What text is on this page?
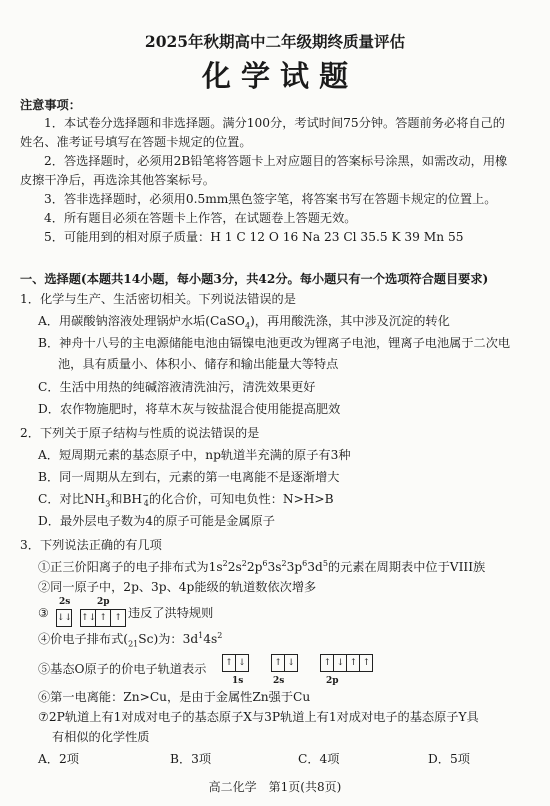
2025年秋期高中二年级期终质量评估
化 学 试 题
注意事项：
1．本试卷分选择题和非选择题。满分100分，考试时间75分钟。答题前务必将自己的
姓名、准考证号填写在答题卡规定的位置。
2．答选择题时，必须用2B铅笔将答题卡上对应题目的答案标号涂黑，如需改动，用橡
皮擦干净后，再选涂其他答案标号。
3．答非选择题时，必须用0.5mm黑色签字笔，将答案书写在答题卡规定的位置上。
4．所有题目必须在答题卡上作答，在试题卷上答题无效。
5．可能用到的相对原子质量：H 1 C 12 O 16 Na 23 Cl 35.5 K 39 Mn 55
一、选择题(本题共14小题，每小题3分，共42分。每小题只有一个选项符合题目要求)
1．化学与生产、生活密切相关。下列说法错误的是
A．用碳酸钠溶液处理锅炉水垢(CaSO$_4$)，再用酸洗涤，其中涉及沉淀的转化
B．神舟十八号的主电源储能电池由镉镍电池更改为锂离子电池，锂离子电池属于二次电
池，具有质量小、体积小、储存和输出能量大等特点
C．生活中用热的纯碱溶液清洗油污，清洗效果更好
D．农作物施肥时，将草木灰与铵盐混合使用能提高肥效
2．下列关于原子结构与性质的说法错误的是
A．短周期元素的基态原子中，np轨道半充满的原子有3种
B．同一周期从左到右，元素的第一电离能不是逐渐增大
C．对比$NH_3$和$BH^-_4$的化合价，可知电负性：N>H>B
D．最外层电子数为4的原子可能是金属原子
3．下列说法正确的有几项
①正三价阳离子的电子排布式为$1s^22s^22p^63s^23p^63d^5$的元素在周期表中位于VIII族
②同一原子中，2p、3p、4p能级的轨道数依次增多
③
2s	2p
↓↓ ↑↓ ↑ ↑ 违反了洪特规则
④价电子排布式$(_{21}Sc)$为：$3d^14s^2$
⑤基态O原子的价电子轨道表示	↑ ↓	↑ ↓	↑ ↓ ↑ ↑
1s	2s	2p
⑥第一电离能：Zn>Cu，是由于金属性Zn强于Cu
⑦2P轨道上有1对成对电子的基态原子X与3P轨道上有1对成对电子的基态原子Y具
有相似的化学性质
A．2项	B．3项	C．4项	D．5项
高二化学　第1页(共8页)
